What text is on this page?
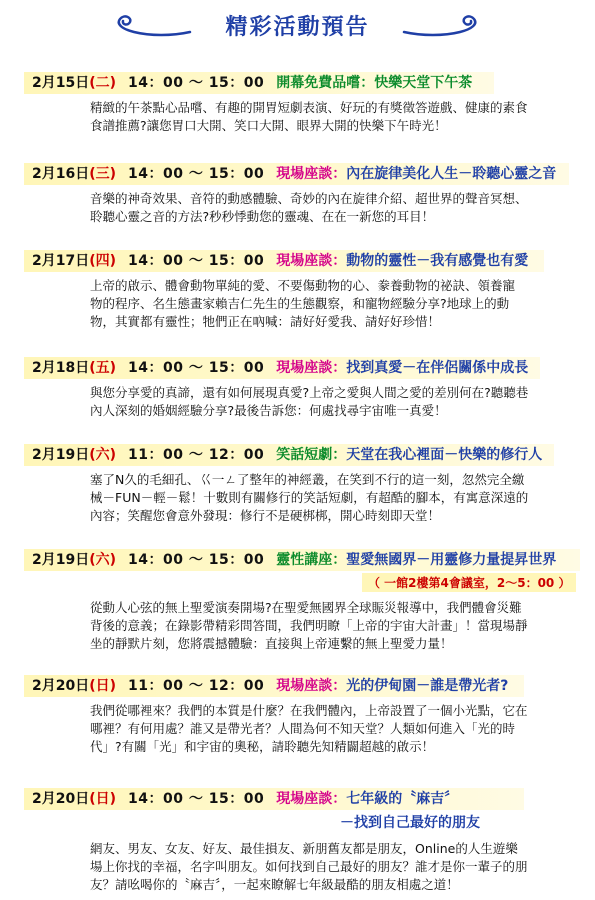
精彩活動預告
2月15日(二) 14：00 ～ 15：00 開幕免費品嚐：快樂天堂下午茶
精緻的午茶點心品嚐、有趣的開胃短劇表演、好玩的有獎徵答遊戲、健康的素食食譜推薦?讓您胃口大開、笑口大開、眼界大開的快樂下午時光！
2月16日(三) 14：00 ～ 15：00 現場座談：內在旋律美化人生－聆聽心靈之音
音樂的神奇效果、音符的動感體驗、奇妙的內在旋律介紹、超世界的聲音冥想、聆聽心靈之音的方法?秒秒悸動您的靈魂、在在一新您的耳目！
2月17日(四) 14：00 ～ 15：00 現場座談：動物的靈性－我有感覺也有愛
上帝的啟示、體會動物單純的愛、不要傷動物的心、豢養動物的祕訣、領養寵物的程序、名生態畫家賴吉仁先生的生態觀察，和寵物經驗分享?地球上的動物，其實都有靈性；牠們正在吶喊：請好好愛我、請好好珍惜！
2月18日(五) 14：00 ～ 15：00 現場座談：找到真愛－在伴侶關係中成長
與您分享愛的真諦，還有如何展現真愛?上帝之愛與人間之愛的差別何在?聽聽巷內人深刻的婚姻經驗分享?最後告訴您：何處找尋宇宙唯一真愛！
2月19日(六) 11：00 ～ 12：00 笑話短劇：天堂在我心裡面－快樂的修行人
塞了N久的毛細孔、巜一ㄥ了整年的神經叢，在笑到不行的這一刻，忽然完全繳械－FUN－輕－鬆！十數則有關修行的笑話短劇，有超酷的腳本，有寓意深遠的內容；笑醒您會意外發現：修行不是硬梆梆，開心時刻即天堂！
2月19日(六) 14：00 ～ 15：00 靈性講座：聖愛無國界－用靈修力量提昇世界
（ 一館2樓第4會議室，2～5：00 ）
從動人心弦的無上聖愛演奏開場?在聖愛無國界全球賑災報導中，我們體會災難背後的意義；在錄影帶精彩問答間，我們明瞭「上帝的宇宙大計畫」！當現場靜坐的靜默片刻，您將震撼體驗：直接與上帝連繫的無上聖愛力量！
2月20日(日) 11：00 ～ 12：00 現場座談：光的伊甸園－誰是帶光者?
我們從哪裡來？我們的本質是什麼？在我們體內，上帝設置了一個小光點，它在哪裡？有何用處？誰又是帶光者？人間為何不知天堂？人類如何進入「光的時代」?有關「光」和宇宙的奧秘，請聆聽先知精闢超越的啟示！
2月20日(日) 14：00 ～ 15：00 現場座談：七年級的〝麻吉〞
－找到自己最好的朋友
網友、男友、女友、好友、最佳損友、新朋舊友都是朋友，Online的人生遊樂場上你找的幸福，名字叫朋友。如何找到自己最好的朋友？誰才是你一輩子的朋友？請吆喝你的〝麻吉〞，一起來瞭解七年級最酷的朋友相處之道！
